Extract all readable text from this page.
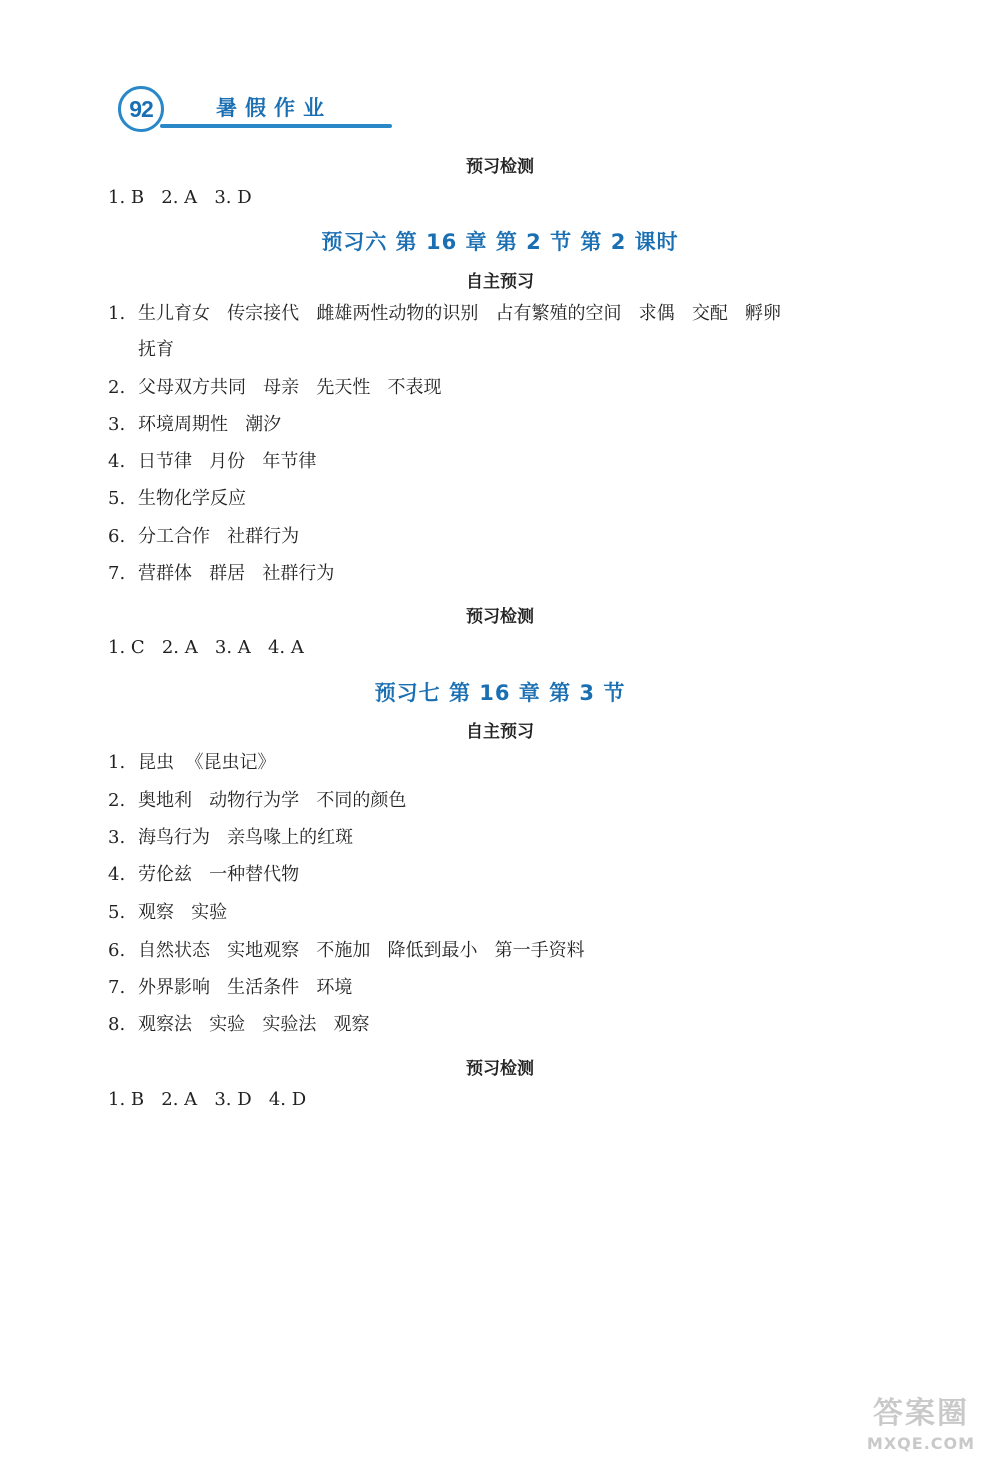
92	暑假作业
预习检测
1. B   2. A   3. D
预习六 第 16 章 第 2 节 第 2 课时
自主预习
1. 生儿育女   传宗接代   雌雄两性动物的识别   占有繁殖的空间   求偶   交配   孵卵
抚育
2. 父母双方共同   母亲   先天性   不表现
3. 环境周期性   潮汐
4. 日节律   月份   年节律
5. 生物化学反应
6. 分工合作   社群行为
7. 营群体   群居   社群行为
预习检测
1. C   2. A   3. A   4. A
预习七 第 16 章 第 3 节
自主预习
1. 昆虫  《昆虫记》
2. 奥地利   动物行为学   不同的颜色
3. 海鸟行为   亲鸟喙上的红斑
4. 劳伦兹   一种替代物
5. 观察   实验
6. 自然状态   实地观察   不施加   降低到最小   第一手资料
7. 外界影响   生活条件   环境
8. 观察法   实验   实验法   观察
预习检测
1. B   2. A   3. D   4. D
答案圈
MXQE.COM
